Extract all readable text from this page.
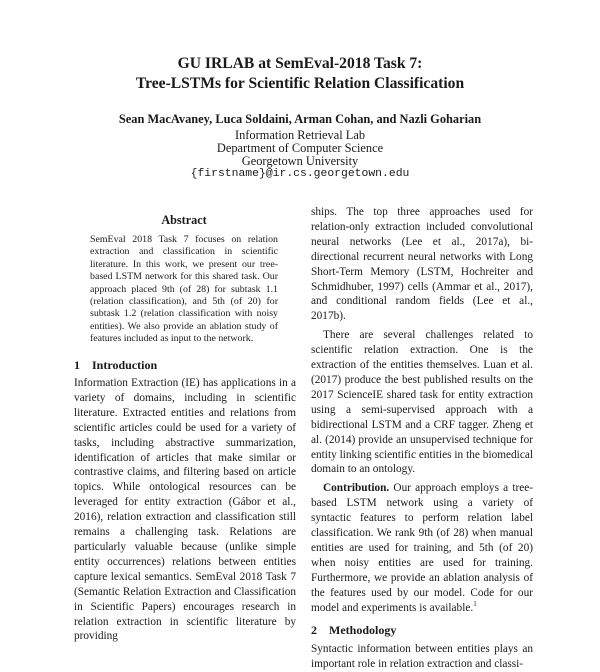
GU IRLAB at SemEval-2018 Task 7:
Tree-LSTMs for Scientific Relation Classification
Sean MacAvaney, Luca Soldaini, Arman Cohan, and Nazli Goharian
Information Retrieval Lab
Department of Computer Science
Georgetown University
{firstname}@ir.cs.georgetown.edu
Abstract
SemEval 2018 Task 7 focuses on relation extraction and classification in scientific literature. In this work, we present our tree-based LSTM network for this shared task. Our approach placed 9th (of 28) for subtask 1.1 (relation classification), and 5th (of 20) for subtask 1.2 (relation classification with noisy entities). We also provide an ablation study of features included as input to the network.
1 Introduction

Information Extraction (IE) has applications in a variety of domains, including in scientific literature. Extracted entities and relations from scientific articles could be used for a variety of tasks, including abstractive summarization, identification of articles that make similar or contrastive claims, and filtering based on article topics. While ontological resources can be leveraged for entity extraction (Gábor et al., 2016), relation extraction and classification still remains a challenging task. Relations are particularly valuable because (unlike simple entity occurrences) relations between entities capture lexical semantics. SemEval 2018 Task 7 (Semantic Relation Extraction and Classification in Scientific Papers) encourages research in relation extraction in scientific literature by providing

ships. The top three approaches used for relation-only extraction included convolutional neural networks (Lee et al., 2017a), bi-directional recurrent neural networks with Long Short-Term Memory (LSTM, Hochreiter and Schmidhuber, 1997) cells (Ammar et al., 2017), and conditional random fields (Lee et al., 2017b).

There are several challenges related to scientific relation extraction. One is the extraction of the entities themselves. Luan et al. (2017) produce the best published results on the 2017 ScienceIE shared task for entity extraction using a semi-supervised approach with a bidirectional LSTM and a CRF tagger. Zheng et al. (2014) provide an unsupervised technique for entity linking scientific entities in the biomedical domain to an ontology.

Contribution. Our approach employs a tree-based LSTM network using a variety of syntactic features to perform relation label classification. We rank 9th (of 28) when manual entities are used for training, and 5th (of 20) when noisy entities are used for training. Furthermore, we provide an ablation analysis of the features used by our model. Code for our model and experiments is available.$^1$

2 Methodology

Syntactic information between entities plays an important role in relation extraction and classi-
